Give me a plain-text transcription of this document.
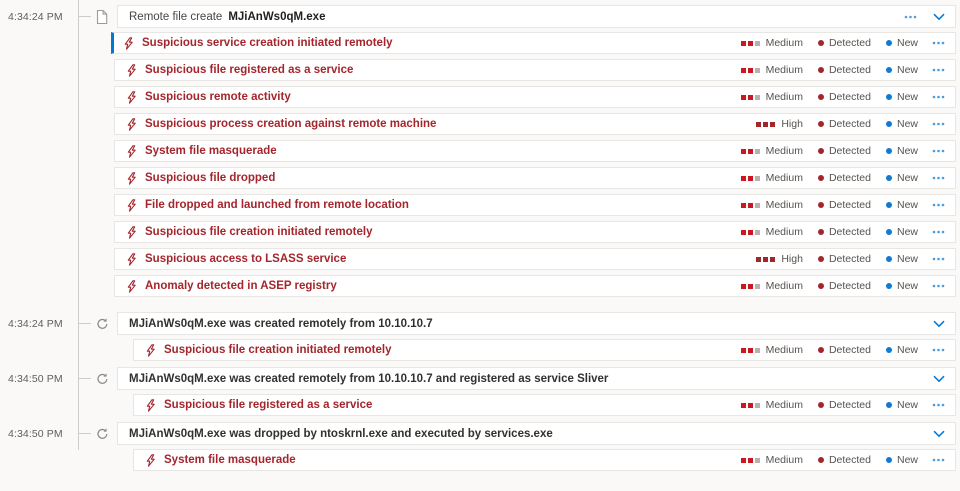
4:34:24 PM	Remote file create MJiAnWs0qM.exe
Suspicious service creation initiated remotely	Medium Detected New
Suspicious file registered as a service	Medium Detected New
Suspicious remote activity	Medium Detected New
Suspicious process creation against remote machine	High Detected New
System file masquerade	Medium Detected New
Suspicious file dropped	Medium Detected New
File dropped and launched from remote location	Medium Detected New
Suspicious file creation initiated remotely	Medium Detected New
Suspicious access to LSASS service	High Detected New
Anomaly detected in ASEP registry	Medium Detected New
4:34:24 PM	MJiAnWs0qM.exe was created remotely from 10.10.10.7
Suspicious file creation initiated remotely	Medium Detected New
4:34:50 PM	MJiAnWs0qM.exe was created remotely from 10.10.10.7 and registered as service Sliver
Suspicious file registered as a service	Medium Detected New
4:34:50 PM	MJiAnWs0qM.exe was dropped by ntoskrnl.exe and executed by services.exe
System file masquerade	Medium Detected New
